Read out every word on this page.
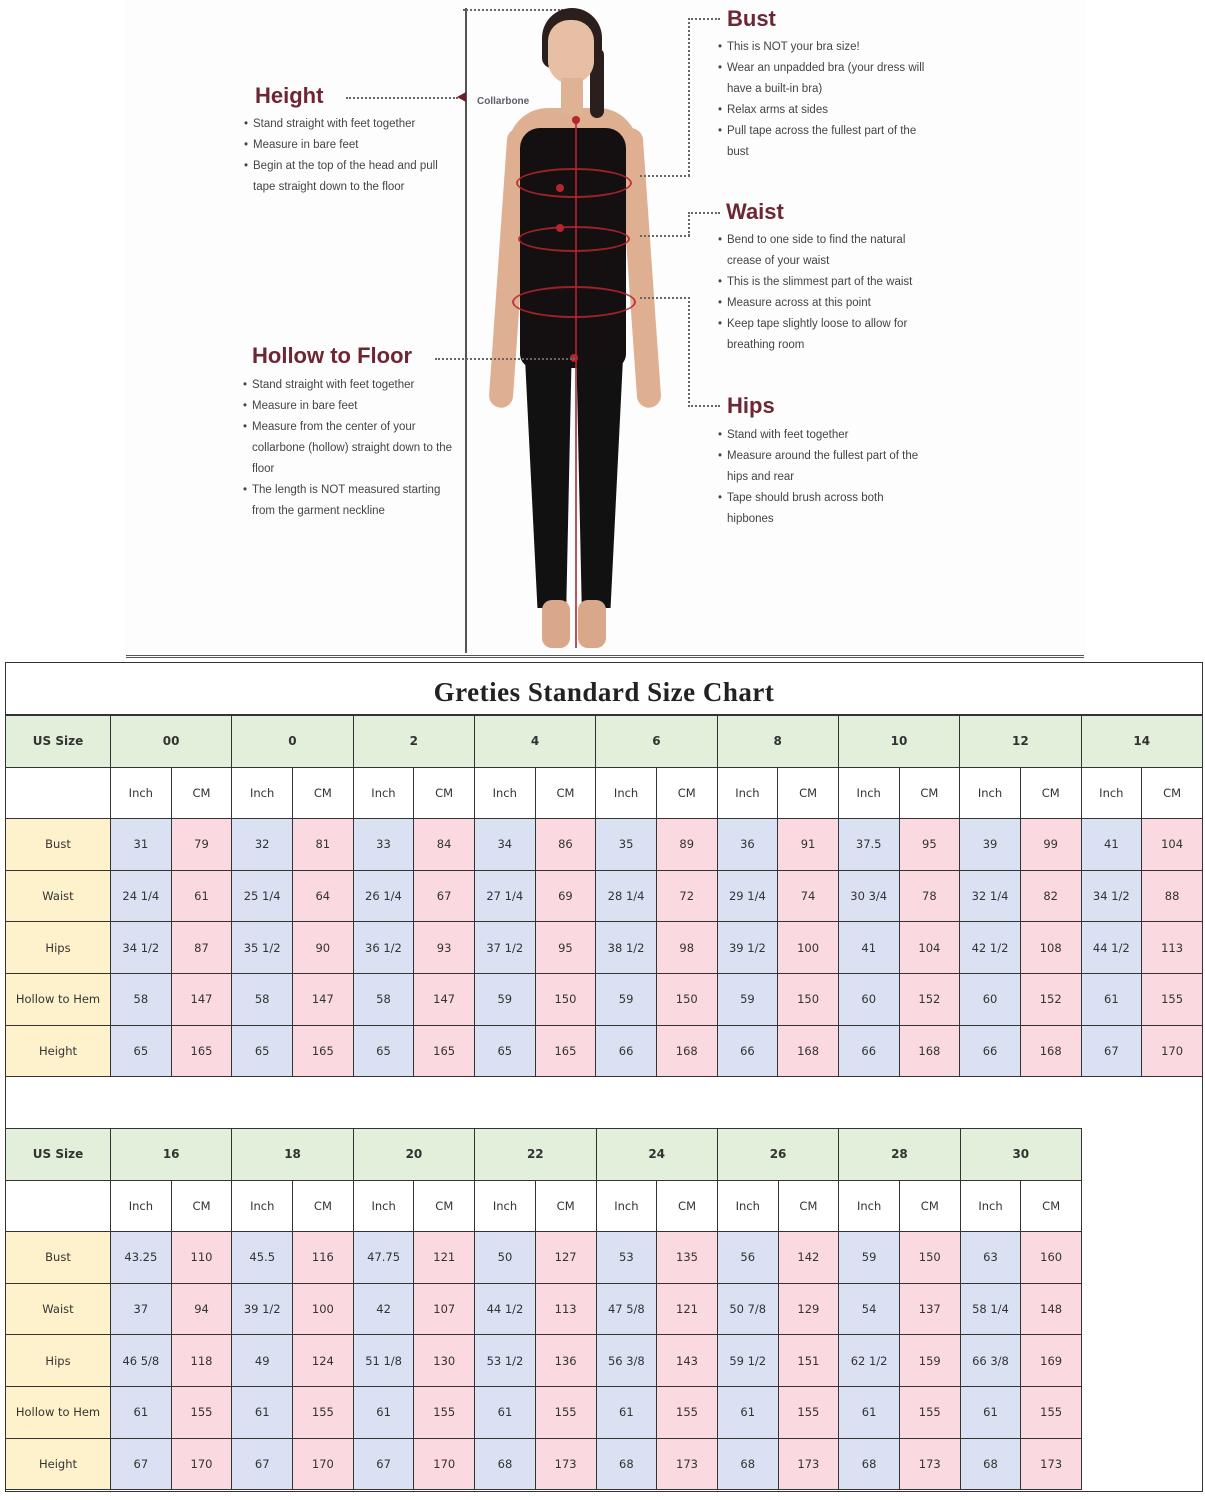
Collarbone
Height
• Stand straight with feet together
• Measure in bare feet
• Begin at the top of the head and pull tape straight down to the floor
Hollow to Floor
• Stand straight with feet together
• Measure in bare feet
• Measure from the center of your collarbone (hollow) straight down to the floor
• The length is NOT measured starting from the garment neckline
Bust
• This is NOT your bra size!
• Wear an unpadded bra (your dress will have a built-in bra)
• Relax arms at sides
• Pull tape across the fullest part of the bust
Waist
• Bend to one side to find the natural crease of your waist
• This is the slimmest part of the waist
• Measure across at this point
• Keep tape slightly loose to allow for breathing room
Hips
• Stand with feet together
• Measure around the fullest part of the hips and rear
• Tape should brush across both hipbones
Greties Standard Size Chart
US Size	00		0		2		4		6		8		10		12		14	
	Inch	CM	Inch	CM	Inch	CM	Inch	CM	Inch	CM	Inch	CM	Inch	CM	Inch	CM	Inch	CM
Bust	31	79	32	81	33	84	34	86	35	89	36	91	37.5	95	39	99	41	104
Waist	24 1/4	61	25 1/4	64	26 1/4	67	27 1/4	69	28 1/4	72	29 1/4	74	30 3/4	78	32 1/4	82	34 1/2	88
Hips	34 1/2	87	35 1/2	90	36 1/2	93	37 1/2	95	38 1/2	98	39 1/2	100	41	104	42 1/2	108	44 1/2	113
Hollow to Hem	58	147	58	147	58	147	59	150	59	150	59	150	60	152	60	152	61	155
Height	65	165	65	165	65	165	65	165	66	168	66	168	66	168	66	168	67	170
US Size	16		18		20		22		24		26		28		30	
	Inch	CM	Inch	CM	Inch	CM	Inch	CM	Inch	CM	Inch	CM	Inch	CM	Inch	CM
Bust	43.25	110	45.5	116	47.75	121	50	127	53	135	56	142	59	150	63	160
Waist	37	94	39 1/2	100	42	107	44 1/2	113	47 5/8	121	50 7/8	129	54	137	58 1/4	148
Hips	46 5/8	118	49	124	51 1/8	130	53 1/2	136	56 3/8	143	59 1/2	151	62 1/2	159	66 3/8	169
Hollow to Hem	61	155	61	155	61	155	61	155	61	155	61	155	61	155	61	155
Height	67	170	67	170	67	170	68	173	68	173	68	173	68	173	68	173
